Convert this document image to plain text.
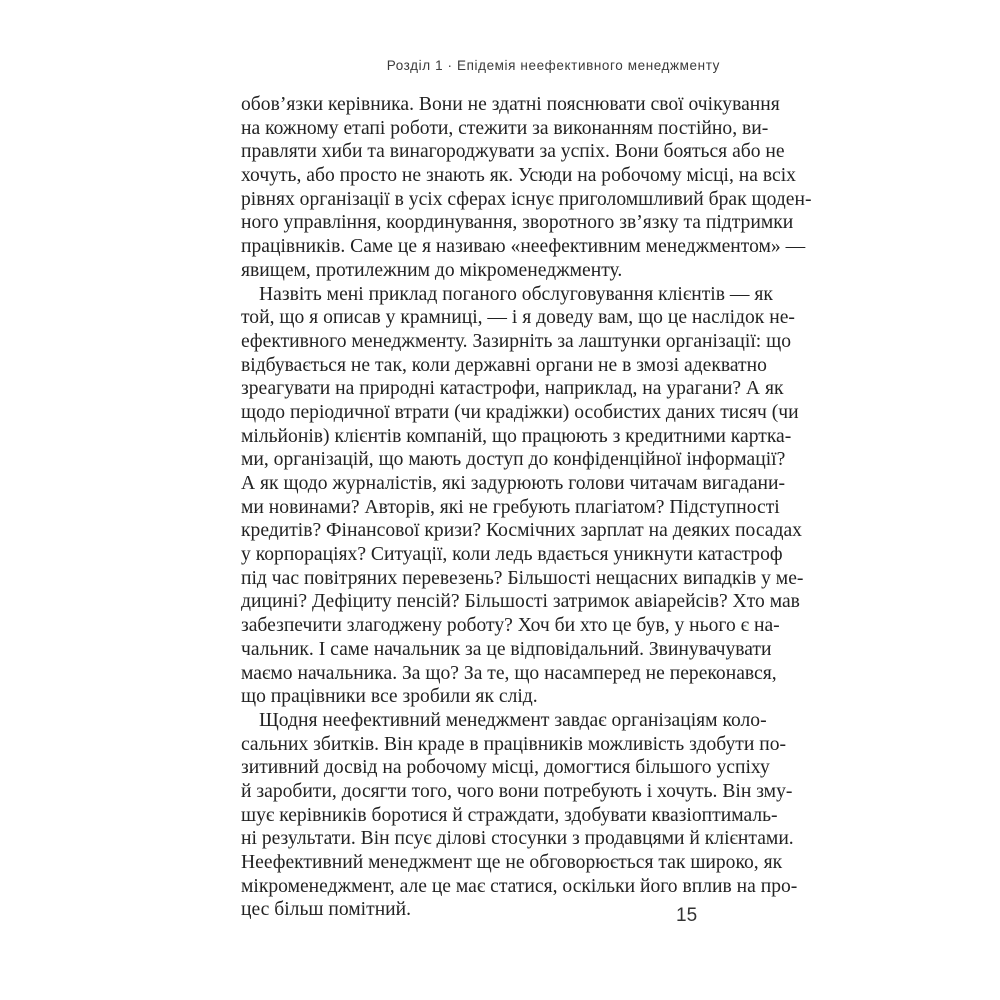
Розділ 1 · Епідемія неефективного менеджменту
обов’язки керівника. Вони не здатні пояснювати свої очікування
на кожному етапі роботи, стежити за виконанням постійно, ви-
правляти хиби та винагороджувати за успіх. Вони бояться або не
хочуть, або просто не знають як. Усюди на робочому місці, на всіх
рівнях організації в усіх сферах існує приголомшливий брак щоден-
ного управління, координування, зворотного зв’язку та підтримки
працівників. Саме це я називаю «неефективним менеджментом» —
явищем, протилежним до мікроменеджменту.
Назвіть мені приклад поганого обслуговування клієнтів — як
той, що я описав у крамниці, — і я доведу вам, що це наслідок не-
ефективного менеджменту. Зазирніть за лаштунки організації: що
відбувається не так, коли державні органи не в змозі адекватно
зреагувати на природні катастрофи, наприклад, на урагани? А як
щодо періодичної втрати (чи крадіжки) особистих даних тисяч (чи
мільйонів) клієнтів компаній, що працюють з кредитними картка-
ми, організацій, що мають доступ до конфіденційної інформації?
А як щодо журналістів, які задурюють голови читачам вигадани-
ми новинами? Авторів, які не гребують плагіатом? Підступності
кредитів? Фінансової кризи? Космічних зарплат на деяких посадах
у корпораціях? Ситуації, коли ледь вдається уникнути катастроф
під час повітряних перевезень? Більшості нещасних випадків у ме-
дицині? Дефіциту пенсій? Більшості затримок авіарейсів? Хто мав
забезпечити злагоджену роботу? Хоч би хто це був, у нього є на-
чальник. І саме начальник за це відповідальний. Звинувачувати
маємо начальника. За що? За те, що насамперед не переконався,
що працівники все зробили як слід.
Щодня неефективний менеджмент завдає організаціям коло-
сальних збитків. Він краде в працівників можливість здобути по-
зитивний досвід на робочому місці, домогтися більшого успіху
й заробити, досягти того, чого вони потребують і хочуть. Він змy-
шує керівників боротися й страждати, здобувати квазіоптималь-
ні результати. Він псує ділові стосунки з продавцями й клієнтами.
Неефективний менеджмент ще не обговорюється так широко, як
мікроменеджмент, але це має статися, оскільки його вплив на про-
цес більш помітний.	15
